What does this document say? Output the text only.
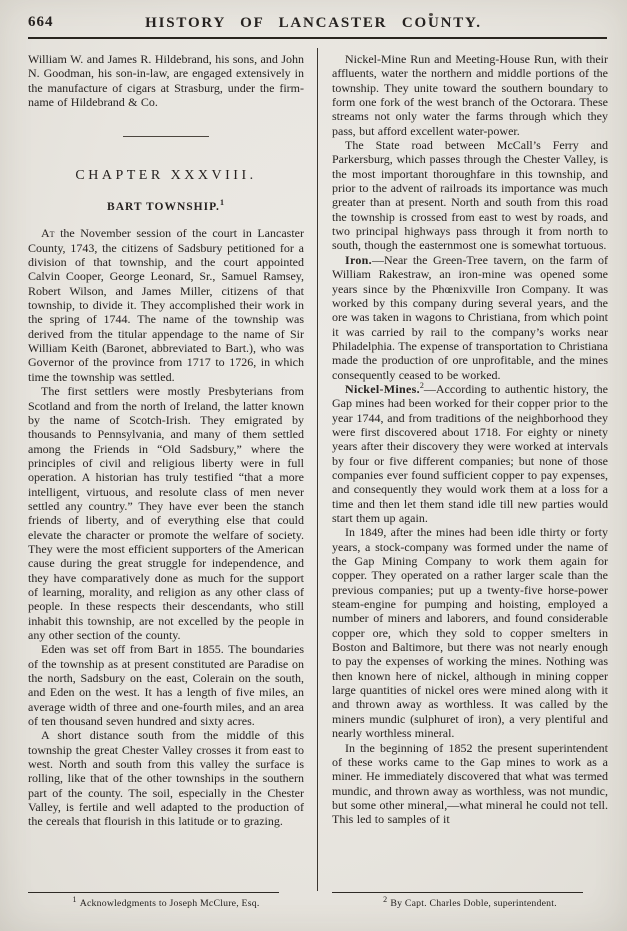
664	HISTORY OF LANCASTER COUNTY.

William W. and James R. Hildebrand, his sons, and John N. Goodman, his son-in-law, are engaged extensively in the manufacture of cigars at Strasburg, under the firm-name of Hildebrand & Co.

CHAPTER XXXVIII.
BART TOWNSHIP.$^1$

At the November session of the court in Lancaster County, 1743, the citizens of Sadsbury petitioned for a division of that township, and the court appointed Calvin Cooper, George Leonard, Sr., Samuel Ramsey, Robert Wilson, and James Miller, citizens of that township, to divide it. They accomplished their work in the spring of 1744. The name of the township was derived from the titular appendage to the name of Sir William Keith (Baronet, abbreviated to Bart.), who was Governor of the province from 1717 to 1726, in which time the township was settled.

The first settlers were mostly Presbyterians from Scotland and from the north of Ireland, the latter known by the name of Scotch-Irish. They emigrated by thousands to Pennsylvania, and many of them settled among the Friends in “Old Sadsbury,” where the principles of civil and religious liberty were in full operation. A historian has truly testified “that a more intelligent, virtuous, and resolute class of men never settled any country.” They have ever been the stanch friends of liberty, and of everything else that could elevate the character or promote the welfare of society. They were the most efficient supporters of the American cause during the great struggle for independence, and they have comparatively done as much for the support of learning, morality, and religion as any other class of people. In these respects their descendants, who still inhabit this township, are not excelled by the people in any other section of the county.

Eden was set off from Bart in 1855. The boundaries of the township as at present constituted are Paradise on the north, Sadsbury on the east, Colerain on the south, and Eden on the west. It has a length of five miles, an average width of three and one-fourth miles, and an area of ten thousand seven hundred and sixty acres.

A short distance south from the middle of this township the great Chester Valley crosses it from east to west. North and south from this valley the surface is rolling, like that of the other townships in the southern part of the county. The soil, especially in the Chester Valley, is fertile and well adapted to the production of the cereals that flourish in this latitude or to grazing.

$^1$ Acknowledgments to Joseph McClure, Esq.

Nickel-Mine Run and Meeting-House Run, with their affluents, water the northern and middle portions of the township. They unite toward the southern boundary to form one fork of the west branch of the Octorara. These streams not only water the farms through which they pass, but afford excellent water-power.

The State road between McCall’s Ferry and Parkersburg, which passes through the Chester Valley, is the most important thoroughfare in this township, and prior to the advent of railroads its importance was much greater than at present. North and south from this road the township is crossed from east to west by roads, and two principal highways pass through it from north to south, though the easternmost one is somewhat tortuous.

Iron.—Near the Green-Tree tavern, on the farm of William Rakestraw, an iron-mine was opened some years since by the Phœnixville Iron Company. It was worked by this company during several years, and the ore was taken in wagons to Christiana, from which point it was carried by rail to the company’s works near Philadelphia. The expense of transportation to Christiana made the production of ore unprofitable, and the mines consequently ceased to be worked.

Nickel-Mines.$^2$—According to authentic history, the Gap mines had been worked for their copper prior to the year 1744, and from traditions of the neighborhood they were first discovered about 1718. For eighty or ninety years after their discovery they were worked at intervals by four or five different companies; but none of those companies ever found sufficient copper to pay expenses, and consequently they would work them at a loss for a time and then let them stand idle till new parties would start them up again.

In 1849, after the mines had been idle thirty or forty years, a stock-company was formed under the name of the Gap Mining Company to work them again for copper. They operated on a rather larger scale than the previous companies; put up a twenty-five horse-power steam-engine for pumping and hoisting, employed a number of miners and laborers, and found considerable copper ore, which they sold to copper smelters in Boston and Baltimore, but there was not nearly enough to pay the expenses of working the mines. Nothing was then known here of nickel, although in mining copper large quantities of nickel ores were mined along with it and thrown away as worthless. It was called by the miners mundic (sulphuret of iron), a very plentiful and nearly worthless mineral.

In the beginning of 1852 the present superintendent of these works came to the Gap mines to work as a miner. He immediately discovered that what was termed mundic, and thrown away as worthless, was not mundic, but some other mineral,—what mineral he could not tell. This led to samples of it

$^2$ By Capt. Charles Doble, superintendent.
